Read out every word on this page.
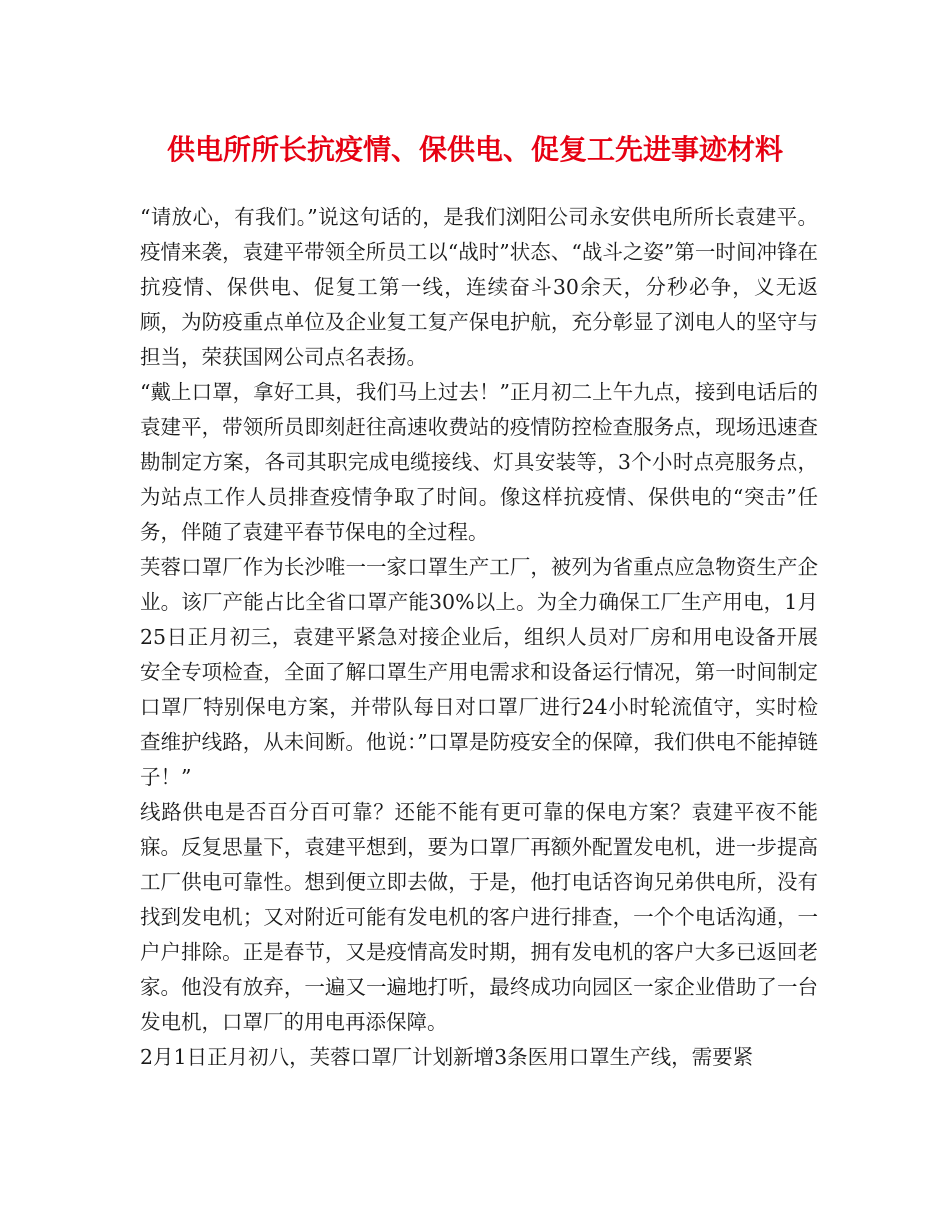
供电所所长抗疫情、保供电、促复工先进事迹材料

“请放心，有我们。”说这句话的，是我们浏阳公司永安供电所所长袁建平。疫情来袭，袁建平带领全所员工以“战时”状态、“战斗之姿”第一时间冲锋在抗疫情、保供电、促复工第一线，连续奋斗30余天，分秒必争，义无返顾，为防疫重点单位及企业复工复产保电护航，充分彰显了浏电人的坚守与担当，荣获国网公司点名表扬。

“戴上口罩，拿好工具，我们马上过去！”正月初二上午九点，接到电话后的袁建平，带领所员即刻赶往高速收费站的疫情防控检查服务点，现场迅速查勘制定方案，各司其职完成电缆接线、灯具安装等，3个小时点亮服务点，为站点工作人员排查疫情争取了时间。像这样抗疫情、保供电的“突击”任务，伴随了袁建平春节保电的全过程。

芙蓉口罩厂作为长沙唯一一家口罩生产工厂，被列为省重点应急物资生产企业。该厂产能占比全省口罩产能30%以上。为全力确保工厂生产用电，1月25日正月初三，袁建平紧急对接企业后，组织人员对厂房和用电设备开展安全专项检查，全面了解口罩生产用电需求和设备运行情况，第一时间制定口罩厂特别保电方案，并带队每日对口罩厂进行24小时轮流值守，实时检查维护线路，从未间断。他说：”口罩是防疫安全的保障，我们供电不能掉链子！”

线路供电是否百分百可靠？还能不能有更可靠的保电方案？袁建平夜不能寐。反复思量下，袁建平想到，要为口罩厂再额外配置发电机，进一步提高工厂供电可靠性。想到便立即去做，于是，他打电话咨询兄弟供电所，没有找到发电机；又对附近可能有发电机的客户进行排查，一个个电话沟通，一户户排除。正是春节，又是疫情高发时期，拥有发电机的客户大多已返回老家。他没有放弃，一遍又一遍地打听，最终成功向园区一家企业借助了一台发电机，口罩厂的用电再添保障。

2月1日正月初八，芙蓉口罩厂计划新增3条医用口罩生产线，需要紧
